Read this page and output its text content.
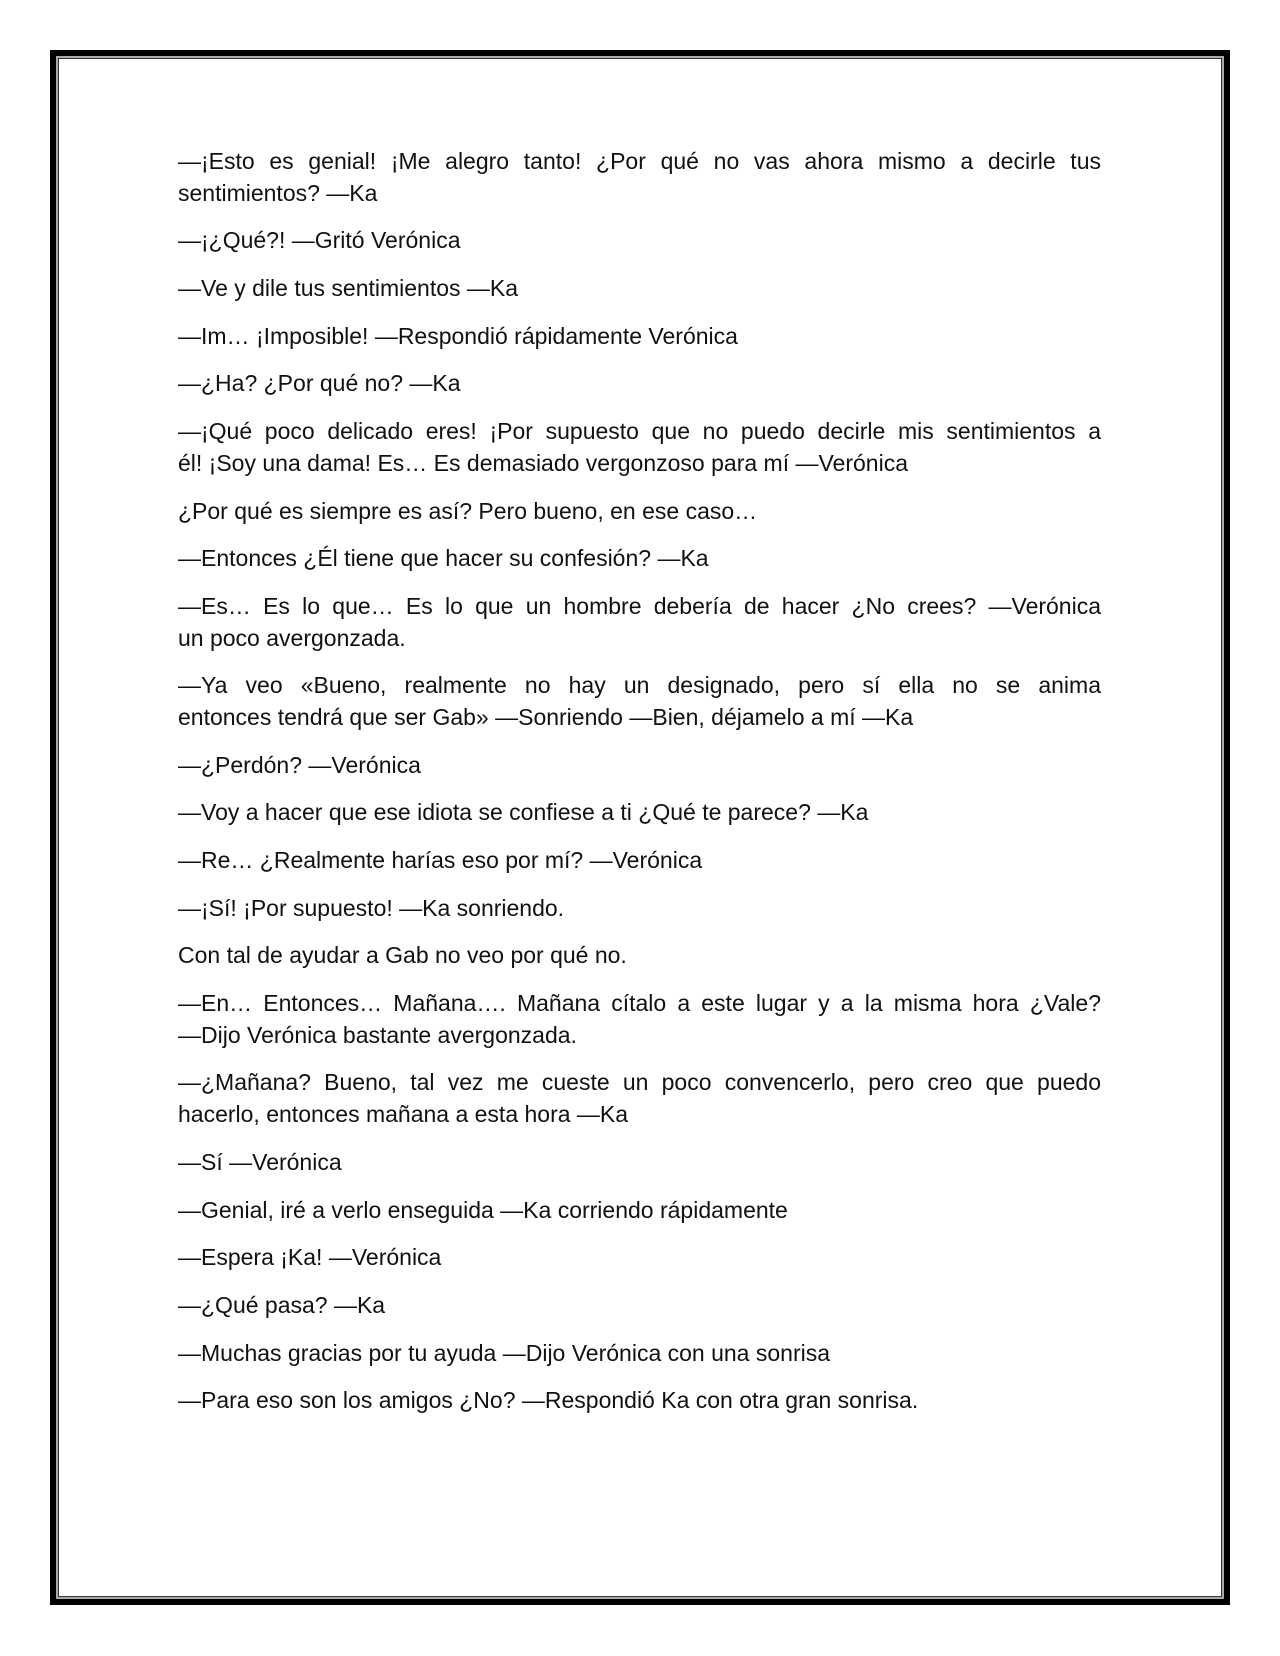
—¡Esto es genial! ¡Me alegro tanto! ¿Por qué no vas ahora mismo a decirle tus
sentimientos? —Ka
—¡¿Qué?! —Gritó Verónica
—Ve y dile tus sentimientos —Ka
—Im… ¡Imposible! —Respondió rápidamente Verónica
—¿Ha? ¿Por qué no? —Ka
—¡Qué poco delicado eres! ¡Por supuesto que no puedo decirle mis sentimientos a
él! ¡Soy una dama! Es… Es demasiado vergonzoso para mí —Verónica
¿Por qué es siempre es así? Pero bueno, en ese caso…
—Entonces ¿Él tiene que hacer su confesión? —Ka
—Es… Es lo que… Es lo que un hombre debería de hacer ¿No crees? —Verónica
un poco avergonzada.
—Ya veo «Bueno, realmente no hay un designado, pero sí ella no se anima
entonces tendrá que ser Gab» —Sonriendo —Bien, déjamelo a mí —Ka
—¿Perdón? —Verónica
—Voy a hacer que ese idiota se confiese a ti ¿Qué te parece? —Ka
—Re… ¿Realmente harías eso por mí? —Verónica
—¡Sí! ¡Por supuesto! —Ka sonriendo.
Con tal de ayudar a Gab no veo por qué no.
—En… Entonces… Mañana…. Mañana cítalo a este lugar y a la misma hora ¿Vale?
—Dijo Verónica bastante avergonzada.
—¿Mañana? Bueno, tal vez me cueste un poco convencerlo, pero creo que puedo
hacerlo, entonces mañana a esta hora —Ka
—Sí —Verónica
—Genial, iré a verlo enseguida —Ka corriendo rápidamente
—Espera ¡Ka! —Verónica
—¿Qué pasa? —Ka
—Muchas gracias por tu ayuda —Dijo Verónica con una sonrisa
—Para eso son los amigos ¿No? —Respondió Ka con otra gran sonrisa.
